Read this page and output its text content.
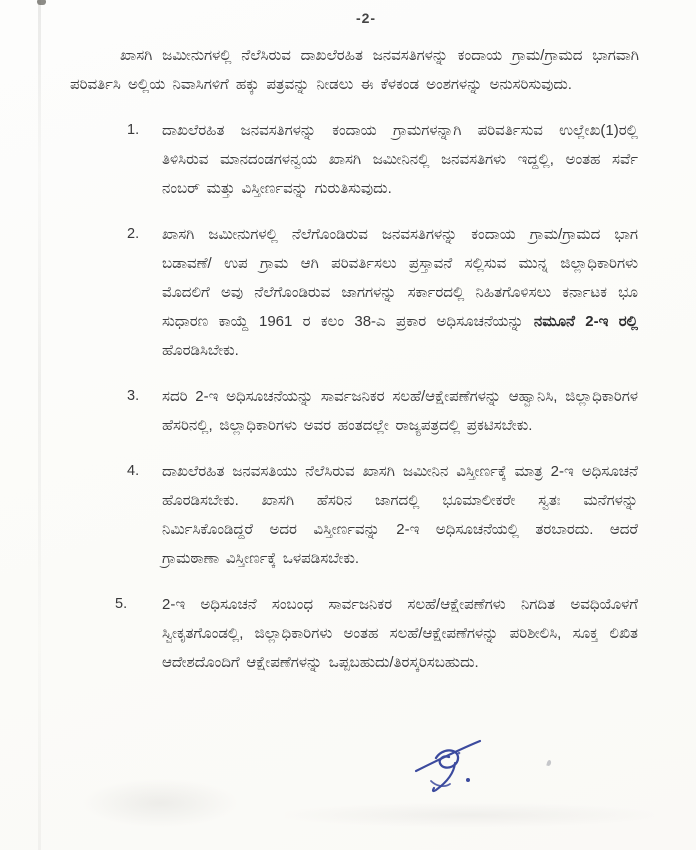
-2-

ಖಾಸಗಿ ಜಮೀನುಗಳಲ್ಲಿ ನೆಲೆಸಿರುವ ದಾಖಲೆರಹಿತ ಜನವಸತಿಗಳನ್ನು ಕಂದಾಯ ಗ್ರಾಮ/ಗ್ರಾಮದ ಭಾಗವಾಗಿ ಪರಿವರ್ತಿಸಿ ಅಲ್ಲಿಯ ನಿವಾಸಿಗಳಿಗೆ ಹಕ್ಕು ಪತ್ರವನ್ನು ನೀಡಲು ಈ ಕೆಳಕಂಡ ಅಂಶಗಳನ್ನು ಅನುಸರಿಸುವುದು.

1.	ದಾಖಲೆರಹಿತ ಜನವಸತಿಗಳನ್ನು ಕಂದಾಯ ಗ್ರಾಮಗಳನ್ನಾಗಿ ಪರಿವರ್ತಿಸುವ ಉಲ್ಲೇಖ(1)ರಲ್ಲಿ ತಿಳಿಸಿರುವ ಮಾನದಂಡಗಳನ್ವಯ ಖಾಸಗಿ ಜಮೀನಿನಲ್ಲಿ ಜನವಸತಿಗಳು ಇದ್ದಲ್ಲಿ, ಅಂತಹ ಸರ್ವೆ ನಂಬರ್ ಮತ್ತು ವಿಸ್ತೀರ್ಣವನ್ನು ಗುರುತಿಸುವುದು.
2.	ಖಾಸಗಿ ಜಮೀನುಗಳಲ್ಲಿ ನೆಲೆಗೊಂಡಿರುವ ಜನವಸತಿಗಳನ್ನು ಕಂದಾಯ ಗ್ರಾಮ/ಗ್ರಾಮದ ಭಾಗ ಬಡಾವಣೆ/ ಉಪ ಗ್ರಾಮ ಆಗಿ ಪರಿವರ್ತಿಸಲು ಪ್ರಸ್ತಾವನೆ ಸಲ್ಲಿಸುವ ಮುನ್ನ ಜಿಲ್ಲಾಧಿಕಾರಿಗಳು ಮೊದಲಿಗೆ ಅವು ನೆಲೆಗೊಂಡಿರುವ ಜಾಗಗಳನ್ನು ಸರ್ಕಾರದಲ್ಲಿ ನಿಹಿತಗೊಳಿಸಲು ಕರ್ನಾಟಕ ಭೂ ಸುಧಾರಣ ಕಾಯ್ದೆ 1961 ರ ಕಲಂ 38-ಎ ಪ್ರಕಾರ ಅಧಿಸೂಚನೆಯನ್ನು ನಮೂನೆ 2-ಇ ರಲ್ಲಿ ಹೊರಡಿಸಿಬೇಕು.
3.	ಸದರಿ 2-ಇ ಅಧಿಸೂಚನೆಯನ್ನು ಸಾರ್ವಜನಿಕರ ಸಲಹೆ/ಆಕ್ಷೇಪಣೆಗಳನ್ನು ಆಹ್ವಾನಿಸಿ, ಜಿಲ್ಲಾಧಿಕಾರಿಗಳ ಹೆಸರಿನಲ್ಲಿ, ಜಿಲ್ಲಾಧಿಕಾರಿಗಳು ಅವರ ಹಂತದಲ್ಲೇ ರಾಜ್ಯಪತ್ರದಲ್ಲಿ ಪ್ರಕಟಿಸಬೇಕು.
4.	ದಾಖಲೆರಹಿತ ಜನವಸತಿಯು ನೆಲೆಸಿರುವ ಖಾಸಗಿ ಜಮೀನಿನ ವಿಸ್ತೀರ್ಣಕ್ಕೆ ಮಾತ್ರ 2-ಇ ಅಧಿಸೂಚನೆ ಹೊರಡಿಸಬೇಕು. ಖಾಸಗಿ ಹೆಸರಿನ ಜಾಗದಲ್ಲಿ ಭೂಮಾಲೀಕರೇ ಸ್ವತಃ ಮನೆಗಳನ್ನು ನಿರ್ಮಿಸಿಕೊಂಡಿದ್ದರೆ ಅದರ ವಿಸ್ತೀರ್ಣವನ್ನು 2-ಇ ಅಧಿಸೂಚನೆಯಲ್ಲಿ ತರಬಾರದು. ಆದರೆ ಗ್ರಾಮಠಾಣಾ ವಿಸ್ತೀರ್ಣಕ್ಕೆ ಒಳಪಡಿಸಬೇಕು.
5.	2-ಇ ಅಧಿಸೂಚನೆ ಸಂಬಂಧ ಸಾರ್ವಜನಿಕರ ಸಲಹೆ/ಆಕ್ಷೇಪಣೆಗಳು ನಿಗದಿತ ಅವಧಿಯೊಳಗೆ ಸ್ವೀಕೃತಗೊಂಡಲ್ಲಿ, ಜಿಲ್ಲಾಧಿಕಾರಿಗಳು ಅಂತಹ ಸಲಹೆ/ಆಕ್ಷೇಪಣೆಗಳನ್ನು ಪರಿಶೀಲಿಸಿ, ಸೂಕ್ತ ಲಿಖಿತ ಆದೇಶದೊಂದಿಗೆ ಆಕ್ಷೇಪಣೆಗಳನ್ನು ಒಪ್ಪಬಹುದು/ತಿರಸ್ಕರಿಸಬಹುದು.
